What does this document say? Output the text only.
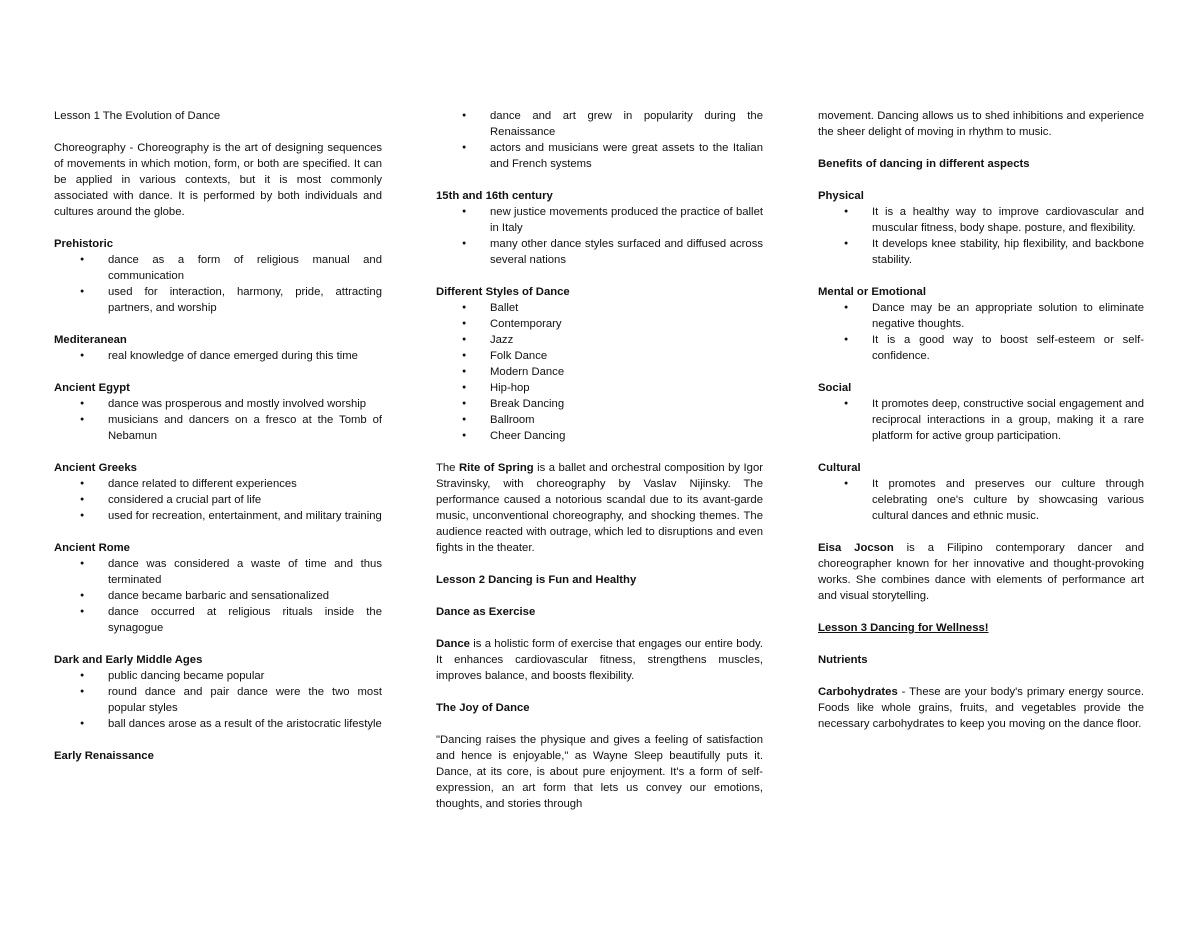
Lesson 1 The Evolution of Dance

Choreography - Choreography is the art of designing sequences of movements in which motion, form, or both are specified. It can be applied in various contexts, but it is most commonly associated with dance. It is performed by both individuals and cultures around the globe.

Prehistoric
● dance as a form of religious manual and communication
● used for interaction, harmony, pride, attracting partners, and worship
Mediteranean
● real knowledge of dance emerged during this time
Ancient Egypt
● dance was prosperous and mostly involved worship
● musicians and dancers on a fresco at the Tomb of Nebamun
Ancient Greeks
● dance related to different experiences
● considered a crucial part of life
● used for recreation, entertainment, and military training
Ancient Rome
● dance was considered a waste of time and thus terminated
● dance became barbaric and sensationalized
● dance occurred at religious rituals inside the synagogue
Dark and Early Middle Ages
● public dancing became popular
● round dance and pair dance were the two most popular styles
● ball dances arose as a result of the aristocratic lifestyle
Early Renaissance
● dance and art grew in popularity during the Renaissance
● actors and musicians were great assets to the Italian and French systems
15th and 16th century
● new justice movements produced the practice of ballet in Italy
● many other dance styles surfaced and diffused across several nations
Different Styles of Dance
● Ballet
● Contemporary
● Jazz
● Folk Dance
● Modern Dance
● Hip-hop
● Break Dancing
● Ballroom
● Cheer Dancing

The Rite of Spring is a ballet and orchestral composition by Igor Stravinsky, with choreography by Vaslav Nijinsky. The performance caused a notorious scandal due to its avant-garde music, unconventional choreography, and shocking themes. The audience reacted with outrage, which led to disruptions and even fights in the theater.

Lesson 2 Dancing is Fun and Healthy

Dance as Exercise

Dance is a holistic form of exercise that engages our entire body. It enhances cardiovascular fitness, strengthens muscles, improves balance, and boosts flexibility.

The Joy of Dance

"Dancing raises the physique and gives a feeling of satisfaction and hence is enjoyable," as Wayne Sleep beautifully puts it. Dance, at its core, is about pure enjoyment. It's a form of self-expression, an art form that lets us convey our emotions, thoughts, and stories through

movement. Dancing allows us to shed inhibitions and experience the sheer delight of moving in rhythm to music.

Benefits of dancing in different aspects

Physical
● It is a healthy way to improve cardiovascular and muscular fitness, body shape. posture, and flexibility.
● It develops knee stability, hip flexibility, and backbone stability.
Mental or Emotional
● Dance may be an appropriate solution to eliminate negative thoughts.
● It is a good way to boost self-esteem or self-confidence.
Social
● It promotes deep, constructive social engagement and reciprocal interactions in a group, making it a rare platform for active group participation.
Cultural
● It promotes and preserves our culture through celebrating one's culture by showcasing various cultural dances and ethnic music.

Eisa Jocson is a Filipino contemporary dancer and choreographer known for her innovative and thought-provoking works. She combines dance with elements of performance art and visual storytelling.

Lesson 3 Dancing for Wellness!

Nutrients

Carbohydrates - These are your body's primary energy source. Foods like whole grains, fruits, and vegetables provide the necessary carbohydrates to keep you moving on the dance floor.
